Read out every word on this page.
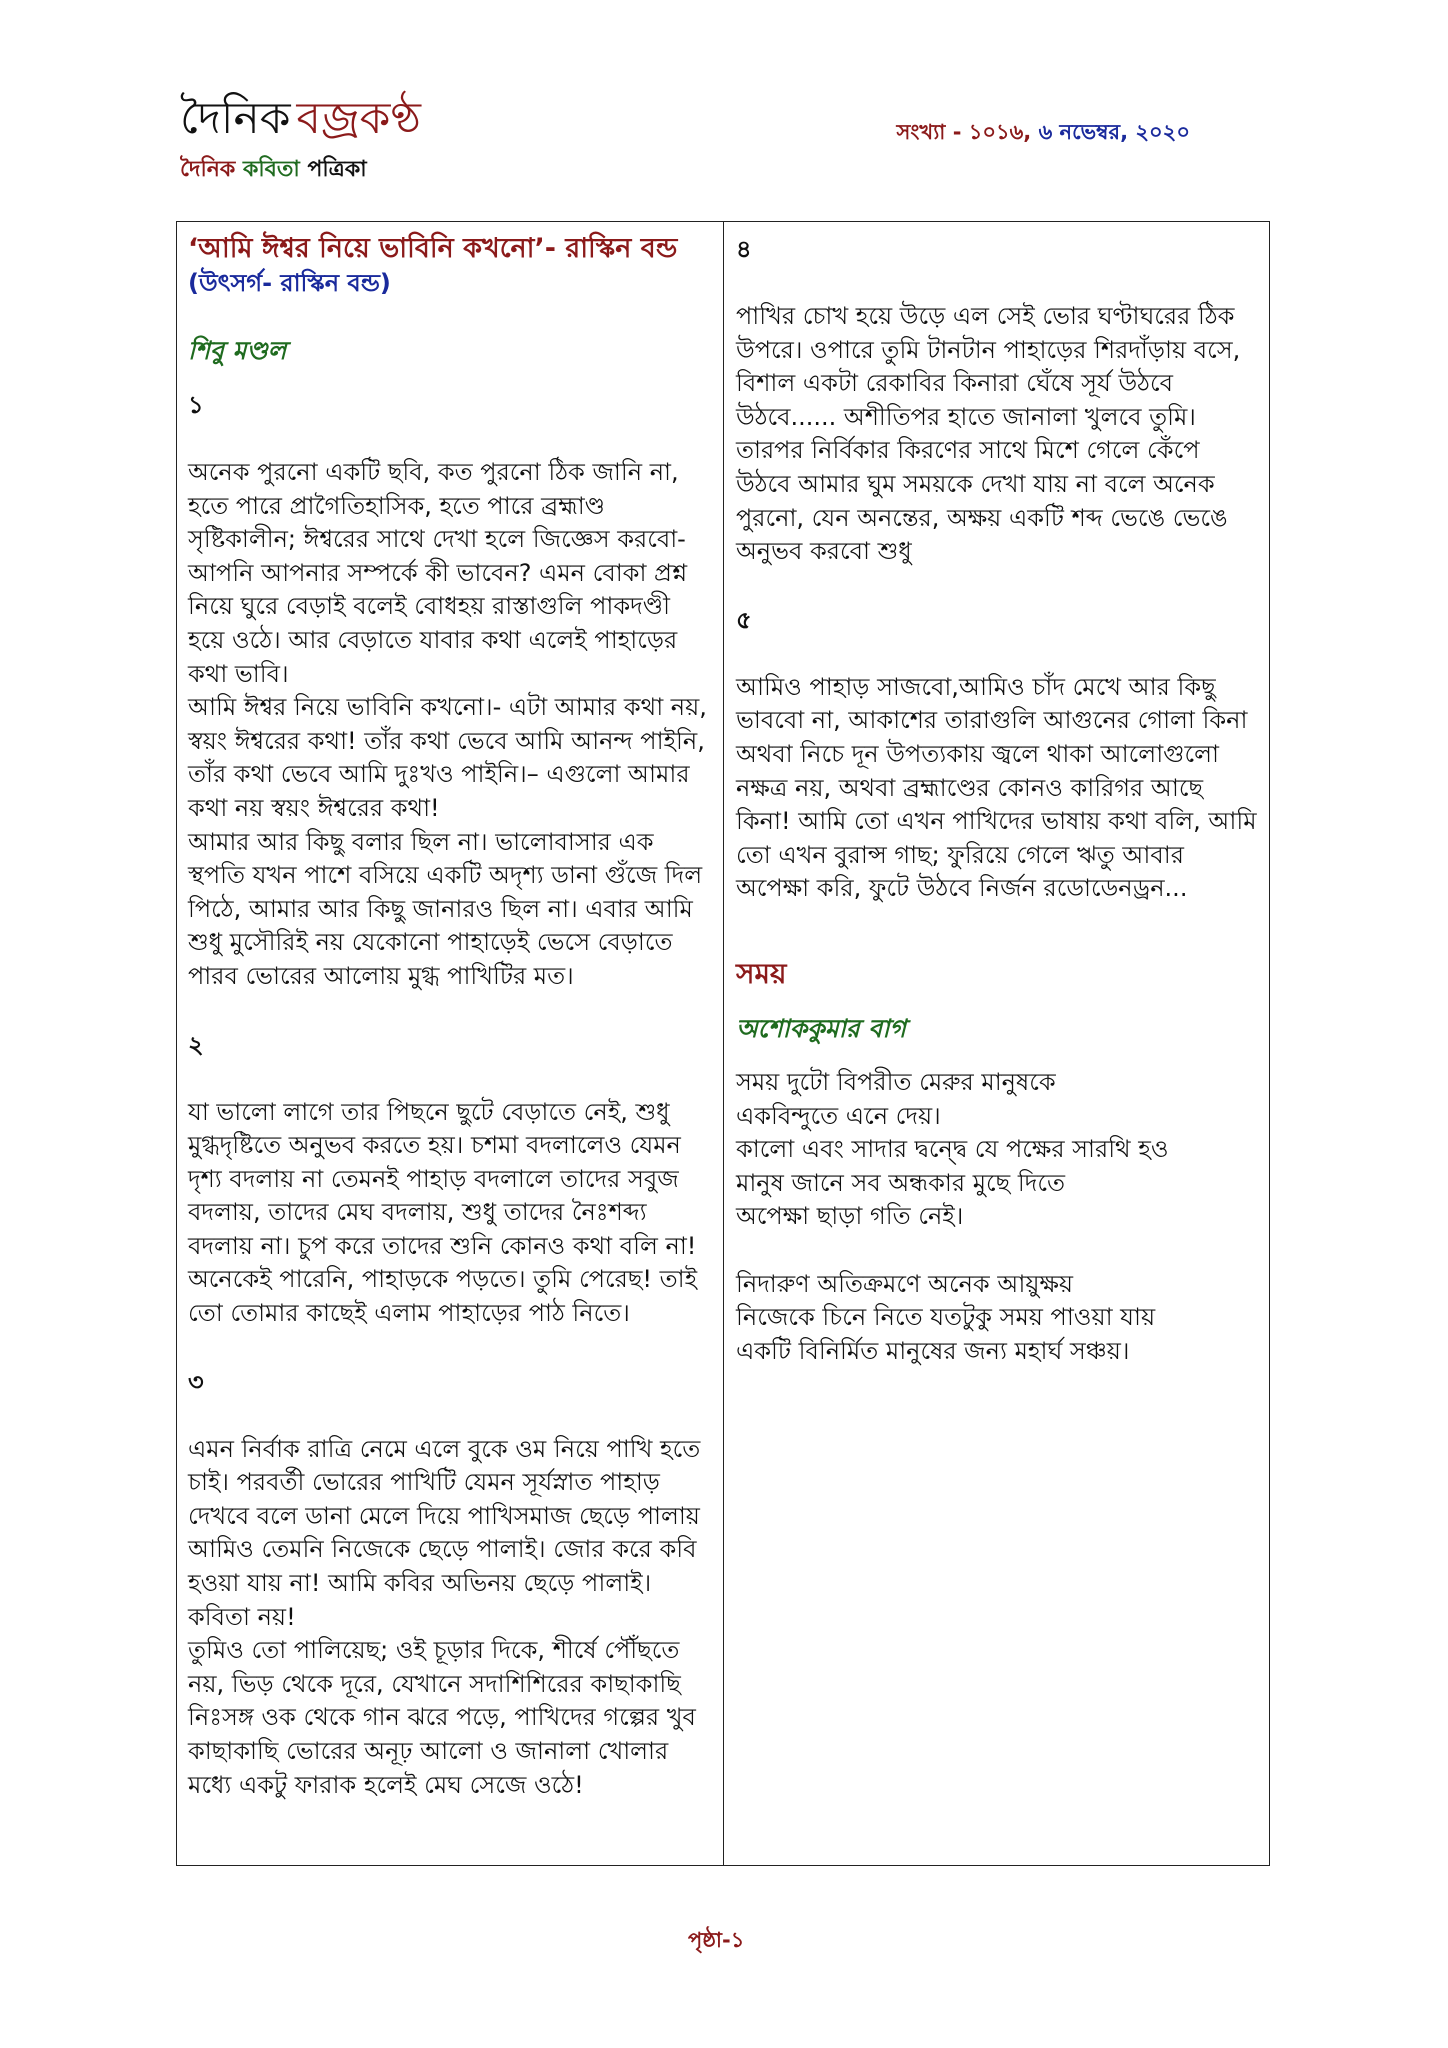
দৈনিক বজ্রকণ্ঠ
দৈনিক কবিতা পত্রিকা
সংখ্যা - ১০১৬, ৬ নভেম্বর, ২০২০
‘আমি ঈশ্বর নিয়ে ভাবিনি কখনো’- রাস্কিন বন্ড
(উৎসর্গ- রাস্কিন বন্ড)
শিবু মণ্ডল
১
অনেক পুরনো একটি ছবি, কত পুরনো ঠিক জানি না, হতে পারে প্রাগৈতিহাসিক, হতে পারে ব্রহ্মাণ্ড সৃষ্টিকালীন; ঈশ্বরের সাথে দেখা হলে জিজ্ঞেস করবো- আপনি আপনার সম্পর্কে কী ভাবেন? এমন বোকা প্রশ্ন নিয়ে ঘুরে বেড়াই বলেই বোধহয় রাস্তাগুলি পাকদণ্ডী হয়ে ওঠে। আর বেড়াতে যাবার কথা এলেই পাহাড়ের কথা ভাবি।
আমি ঈশ্বর নিয়ে ভাবিনি কখনো।- এটা আমার কথা নয়, স্বয়ং ঈশ্বরের কথা! তাঁর কথা ভেবে আমি আনন্দ পাইনি, তাঁর কথা ভেবে আমি দুঃখও পাইনি।– এগুলো আমার কথা নয় স্বয়ং ঈশ্বরের কথা!
আমার আর কিছু বলার ছিল না। ভালোবাসার এক স্থপতি যখন পাশে বসিয়ে একটি অদৃশ্য ডানা গুঁজে দিল পিঠে, আমার আর কিছু জানারও ছিল না। এবার আমি শুধু মুসৌরিই নয় যেকোনো পাহাড়েই ভেসে বেড়াতে পারব ভোরের আলোয় মুগ্ধ পাখিটির মত।
২
যা ভালো লাগে তার পিছনে ছুটে বেড়াতে নেই, শুধু মুগ্ধদৃষ্টিতে অনুভব করতে হয়। চশমা বদলালেও যেমন দৃশ্য বদলায় না তেমনই পাহাড় বদলালে তাদের সবুজ বদলায়, তাদের মেঘ বদলায়, শুধু তাদের নৈঃশব্দ্য বদলায় না। চুপ করে তাদের শুনি কোনও কথা বলি না!
অনেকেই পারেনি, পাহাড়কে পড়তে। তুমি পেরেছ! তাই তো তোমার কাছেই এলাম পাহাড়ের পাঠ নিতে।
৩
এমন নির্বাক রাত্রি নেমে এলে বুকে ওম নিয়ে পাখি হতে চাই। পরবর্তী ভোরের পাখিটি যেমন সূর্যস্নাত পাহাড় দেখবে বলে ডানা মেলে দিয়ে পাখিসমাজ ছেড়ে পালায় আমিও তেমনি নিজেকে ছেড়ে পালাই। জোর করে কবি হওয়া যায় না! আমি কবির অভিনয় ছেড়ে পালাই। কবিতা নয়!
তুমিও তো পালিয়েছ; ওই চূড়ার দিকে, শীর্ষে পৌঁছতে নয়, ভিড় থেকে দূরে, যেখানে সদাশিশিরের কাছাকাছি নিঃসঙ্গ ওক থেকে গান ঝরে পড়ে, পাখিদের গল্পের খুব কাছাকাছি ভোরের অনূঢ় আলো ও জানালা খোলার মধ্যে একটু ফারাক হলেই মেঘ সেজে ওঠে!
৪
পাখির চোখ হয়ে উড়ে এল সেই ভোর ঘণ্টাঘরের ঠিক উপরে। ওপারে তুমি টানটান পাহাড়ের শিরদাঁড়ায় বসে, বিশাল একটা রেকাবির কিনারা ঘেঁষে সূর্য উঠবে উঠবে...... অশীতিপর হাতে জানালা খুলবে তুমি। তারপর নির্বিকার কিরণের সাথে মিশে গেলে কেঁপে উঠবে আমার ঘুম সময়কে দেখা যায় না বলে অনেক পুরনো, যেন অনন্তের, অক্ষয় একটি শব্দ ভেঙে ভেঙে অনুভব করবো শুধু
৫
আমিও পাহাড় সাজবো,আমিও চাঁদ মেখে আর কিছু ভাববো না, আকাশের তারাগুলি আগুনের গোলা কিনা অথবা নিচে দূন উপত্যকায় জ্বলে থাকা আলোগুলো নক্ষত্র নয়, অথবা ব্রহ্মাণ্ডের কোনও কারিগর আছে কিনা! আমি তো এখন পাখিদের ভাষায় কথা বলি, আমি তো এখন বুরান্স গাছ; ফুরিয়ে গেলে ঋতু আবার অপেক্ষা করি, ফুটে উঠবে নির্জন রডোডেনড্রন...
সময়
অশোককুমার বাগ
সময় দুটো বিপরীত মেরুর মানুষকে
একবিন্দুতে এনে দেয়।
কালো এবং সাদার দ্বন্দ্বে যে পক্ষের সারথি হও
মানুষ জানে সব অন্ধকার মুছে দিতে
অপেক্ষা ছাড়া গতি নেই।
নিদারুণ অতিক্রমণে অনেক আয়ুক্ষয়
নিজেকে চিনে নিতে যতটুকু সময় পাওয়া যায়
একটি বিনির্মিত মানুষের জন্য মহার্ঘ সঞ্চয়।
পৃষ্ঠা-১
